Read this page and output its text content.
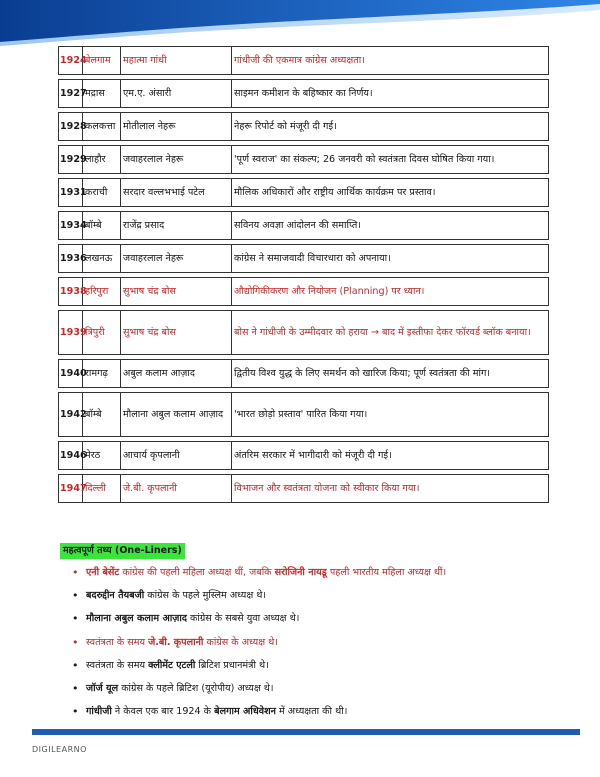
1924	बेलगाम	महात्मा गांधी	गांधीजी की एकमात्र कांग्रेस अध्यक्षता।

1927	मद्रास	एम.ए. अंसारी	साइमन कमीशन के बहिष्कार का निर्णय।

1928	कलकत्ता	मोतीलाल नेहरू	नेहरू रिपोर्ट को मंजूरी दी गई।

1929	लाहौर	जवाहरलाल नेहरू	'पूर्ण स्वराज' का संकल्प; 26 जनवरी को स्वतंत्रता दिवस घोषित किया गया।

1931	कराची	सरदार वल्लभभाई पटेल	मौलिक अधिकारों और राष्ट्रीय आर्थिक कार्यक्रम पर प्रस्ताव।

1934	बॉम्बे	राजेंद्र प्रसाद	सविनय अवज्ञा आंदोलन की समाप्ति।

1936	लखनऊ	जवाहरलाल नेहरू	कांग्रेस ने समाजवादी विचारधारा को अपनाया।

1938	हरिपुरा	सुभाष चंद्र बोस	औद्योगिकीकरण और नियोजन (Planning) पर ध्यान।

1939	त्रिपुरी	सुभाष चंद्र बोस	बोस ने गांधीजी के उम्मीदवार को हराया → बाद में इस्तीफा देकर फॉरवर्ड ब्लॉक बनाया।

1940	रामगढ़	अबुल कलाम आज़ाद	द्वितीय विश्व युद्ध के लिए समर्थन को खारिज किया; पूर्ण स्वतंत्रता की मांग।

1942	बॉम्बे	मौलाना अबुल कलाम आज़ाद	'भारत छोड़ो प्रस्ताव' पारित किया गया।

1946	मेरठ	आचार्य कृपलानी	अंतरिम सरकार में भागीदारी को मंजूरी दी गई।

1947	दिल्ली	जे.बी. कृपलानी	विभाजन और स्वतंत्रता योजना को स्वीकार किया गया।
महत्वपूर्ण तथ्य (One-Liners)
• एनी बेसेंट कांग्रेस की पहली महिला अध्यक्ष थीं, जबकि सरोजिनी नायडू पहली भारतीय महिला अध्यक्ष थीं।
• बदरुद्दीन तैयबजी कांग्रेस के पहले मुस्लिम अध्यक्ष थे।
• मौलाना अबुल कलाम आज़ाद कांग्रेस के सबसे युवा अध्यक्ष थे।
• स्वतंत्रता के समय जे.बी. कृपलानी कांग्रेस के अध्यक्ष थे।
• स्वतंत्रता के समय क्लीमेंट एटली ब्रिटिश प्रधानमंत्री थे।
• जॉर्ज यूल कांग्रेस के पहले ब्रिटिश (यूरोपीय) अध्यक्ष थे।
• गांधीजी ने केवल एक बार 1924 के बेलगाम अधिवेशन में अध्यक्षता की थी।
DIGILEARNO
